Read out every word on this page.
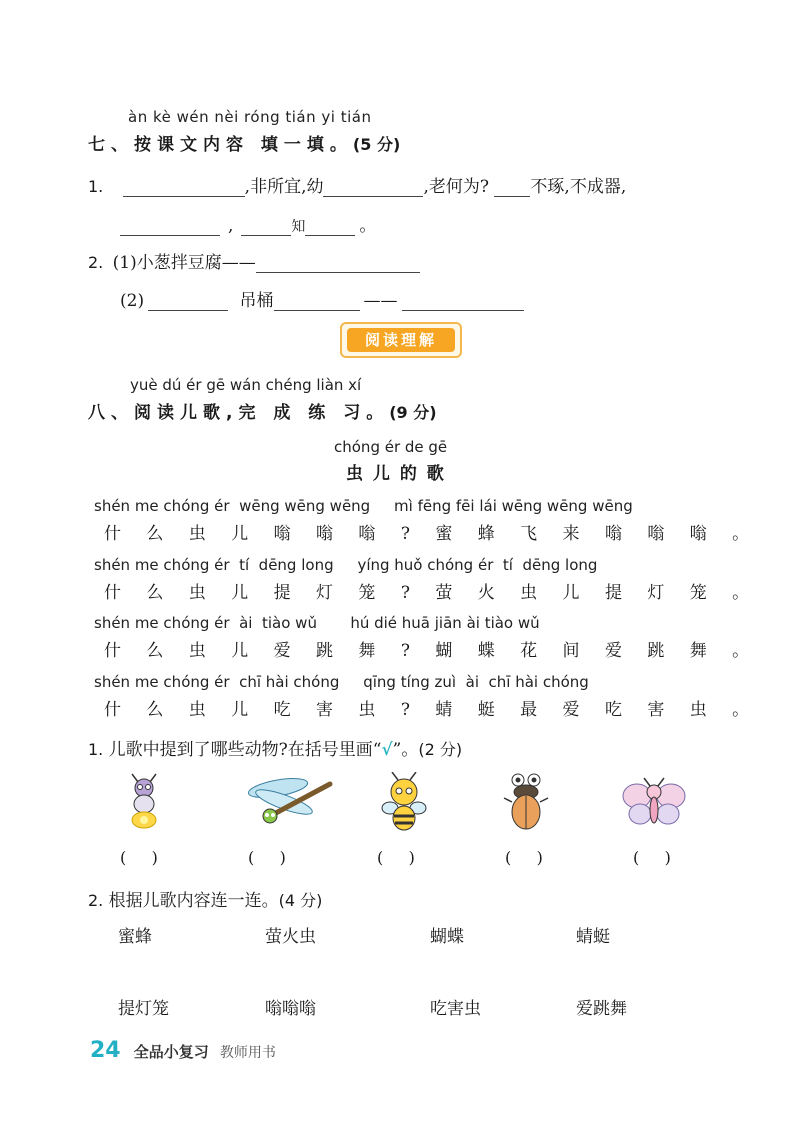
àn kè wén nèi róng tián yi tián
七、按课文内容 填一填。(5 分)
1.	,非所宜,幼	,老何为? 不琢,不成器,
,	知	。
2. (1)小葱拌豆腐——
(2)	吊桶	——
阅读理解
yuè dú ér gē wán chéng liàn xí
八、阅读儿歌,完 成 练 习。(9 分)
chóng ér de gē
虫 儿 的 歌
shén me chóng ér  wēng wēng wēng     mì fēng fēi lái wēng wēng wēng
什 么 虫 儿 嗡 嗡 嗡 ? 蜜 蜂 飞 来 嗡 嗡 嗡 。
shén me chóng ér  tí  dēng long     yíng huǒ chóng ér  tí  dēng long
什 么 虫 儿 提 灯 笼 ? 萤 火 虫 儿 提 灯 笼 。
shén me chóng ér  ài  tiào wǔ       hú dié huā jiān ài tiào wǔ
什 么 虫 儿 爱 跳 舞 ? 蝴 蝶 花 间 爱 跳 舞 。
shén me chóng ér  chī hài chóng     qīng tíng zuì  ài  chī hài chóng
什 么 虫 儿 吃 害 虫 ? 蜻 蜓 最 爱 吃 害 虫 。
1. 儿歌中提到了哪些动物?在括号里画“√”。(2 分)
(     )	(     )	(     )	(     )	(     )
2. 根据儿歌内容连一连。(4 分)
蜜蜂	萤火虫	蝴蝶	蜻蜓
提灯笼	嗡嗡嗡	吃害虫	爱跳舞
24 全品小复习 教师用书
